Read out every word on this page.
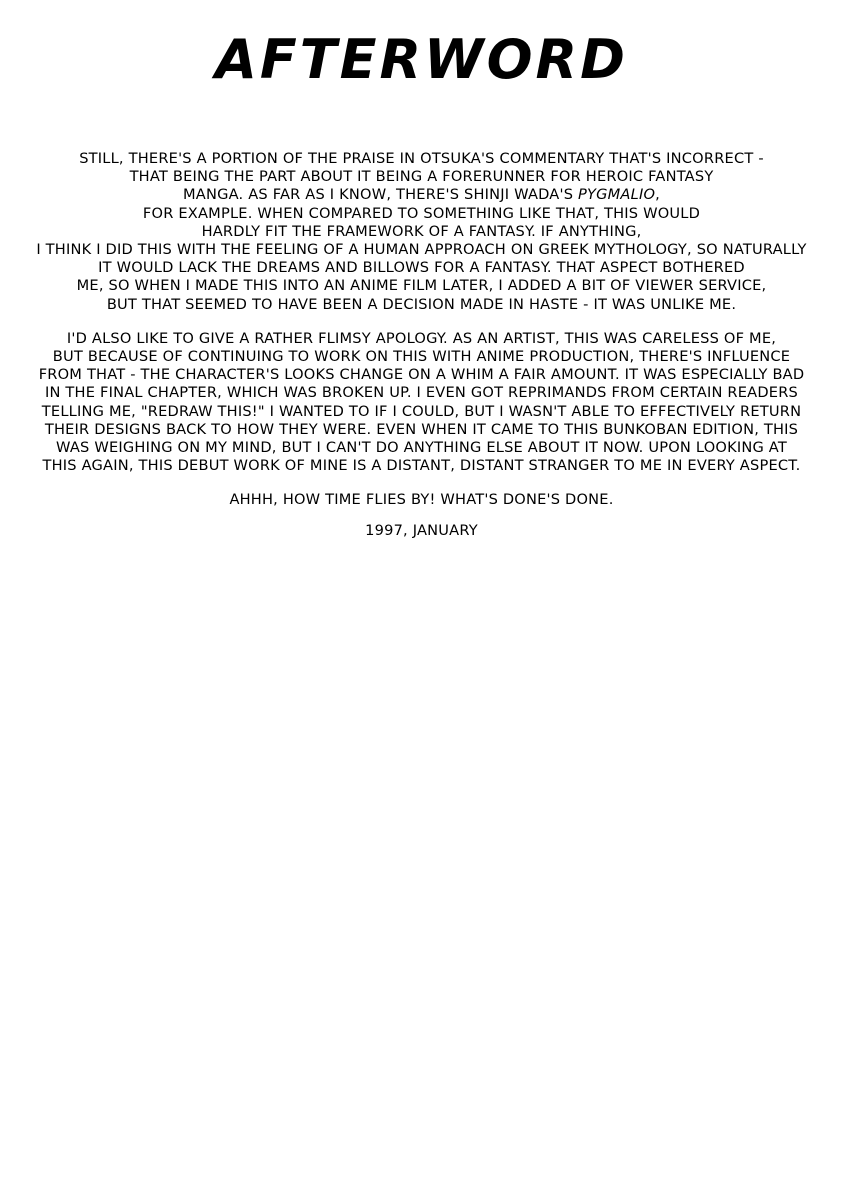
AFTERWORD

STILL, THERE'S A PORTION OF THE PRAISE IN OTSUKA'S COMMENTARY THAT'S INCORRECT -
THAT BEING THE PART ABOUT IT BEING A FORERUNNER FOR HEROIC FANTASY
MANGA. AS FAR AS I KNOW, THERE'S SHINJI WADA'S PYGMALIO,
FOR EXAMPLE. WHEN COMPARED TO SOMETHING LIKE THAT, THIS WOULD
HARDLY FIT THE FRAMEWORK OF A FANTASY. IF ANYTHING,
I THINK I DID THIS WITH THE FEELING OF A HUMAN APPROACH ON GREEK MYTHOLOGY, SO NATURALLY
IT WOULD LACK THE DREAMS AND BILLOWS FOR A FANTASY. THAT ASPECT BOTHERED
ME, SO WHEN I MADE THIS INTO AN ANIME FILM LATER, I ADDED A BIT OF VIEWER SERVICE,
BUT THAT SEEMED TO HAVE BEEN A DECISION MADE IN HASTE - IT WAS UNLIKE ME.

I'D ALSO LIKE TO GIVE A RATHER FLIMSY APOLOGY. AS AN ARTIST, THIS WAS CARELESS OF ME,
BUT BECAUSE OF CONTINUING TO WORK ON THIS WITH ANIME PRODUCTION, THERE'S INFLUENCE
FROM THAT - THE CHARACTER'S LOOKS CHANGE ON A WHIM A FAIR AMOUNT. IT WAS ESPECIALLY BAD
IN THE FINAL CHAPTER, WHICH WAS BROKEN UP. I EVEN GOT REPRIMANDS FROM CERTAIN READERS
TELLING ME, "REDRAW THIS!" I WANTED TO IF I COULD, BUT I WASN'T ABLE TO EFFECTIVELY RETURN
THEIR DESIGNS BACK TO HOW THEY WERE. EVEN WHEN IT CAME TO THIS BUNKOBAN EDITION, THIS
WAS WEIGHING ON MY MIND, BUT I CAN'T DO ANYTHING ELSE ABOUT IT NOW. UPON LOOKING AT
THIS AGAIN, THIS DEBUT WORK OF MINE IS A DISTANT, DISTANT STRANGER TO ME IN EVERY ASPECT.

AHHH, HOW TIME FLIES BY! WHAT'S DONE'S DONE.

1997, JANUARY
